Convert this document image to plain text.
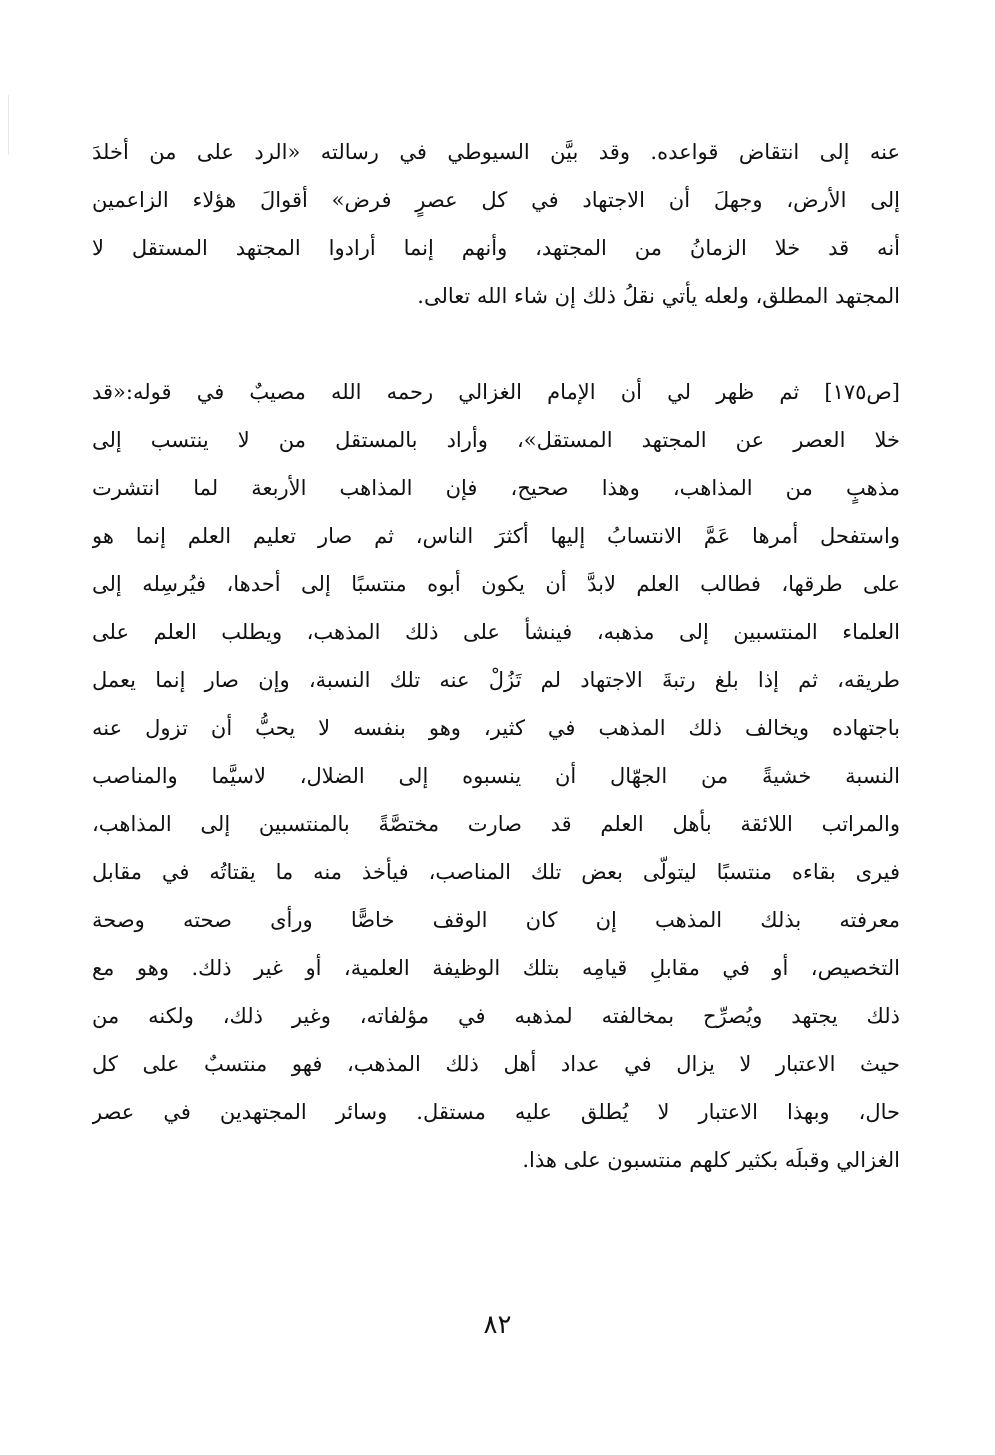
عنه إلى انتقاض قواعده. وقد بيَّن السيوطي في رسالته «الرد على من أخلدَ
إلى الأرض، وجهلَ أن الاجتهاد في كل عصرٍ فرض» أقوالَ هؤلاء الزاعمين
أنه قد خلا الزمانُ من المجتهد، وأنهم إنما أرادوا المجتهد المستقل لا
المجتهد المطلق، ولعله يأتي نقلُ ذلك إن شاء الله تعالى.
[ص١٧٥] ثم ظهر لي أن الإمام الغزالي رحمه الله مصيبٌ في قوله:«قد
خلا العصر عن المجتهد المستقل»، وأراد بالمستقل من لا ينتسب إلى
مذهبٍ من المذاهب، وهذا صحيح، فإن المذاهب الأربعة لما انتشرت
واستفحل أمرها عَمَّ الانتسابُ إليها أكثرَ الناس، ثم صار تعليم العلم إنما هو
على طرقها، فطالب العلم لابدَّ أن يكون أبوه منتسبًا إلى أحدها، فيُرسِله إلى
العلماء المنتسبين إلى مذهبه، فينشأ على ذلك المذهب، ويطلب العلم على
طريقه، ثم إذا بلغ رتبةَ الاجتهاد لم تَزُلْ عنه تلك النسبة، وإن صار إنما يعمل
باجتهاده ويخالف ذلك المذهب في كثير، وهو بنفسه لا يحبُّ أن تزول عنه
النسبة خشيةً من الجهّال أن ينسبوه إلى الضلال، لاسيَّما والمناصب
والمراتب اللائقة بأهل العلم قد صارت مختصَّةً بالمنتسبين إلى المذاهب،
فيرى بقاءه منتسبًا ليتولّى بعض تلك المناصب، فيأخذ منه ما يقتاتُه في مقابل
معرفته بذلك المذهب إن كان الوقف خاصًّا ورأى صحته وصحة
التخصيص، أو في مقابلِ قيامِه بتلك الوظيفة العلمية، أو غير ذلك. وهو مع
ذلك يجتهد ويُصرِّح بمخالفته لمذهبه في مؤلفاته، وغير ذلك، ولكنه من
حيث الاعتبار لا يزال في عداد أهل ذلك المذهب، فهو منتسبٌ على كل
حال، وبهذا الاعتبار لا يُطلق عليه مستقل. وسائر المجتهدين في عصر
الغزالي وقبلَه بكثير كلهم منتسبون على هذا.
٨٢
